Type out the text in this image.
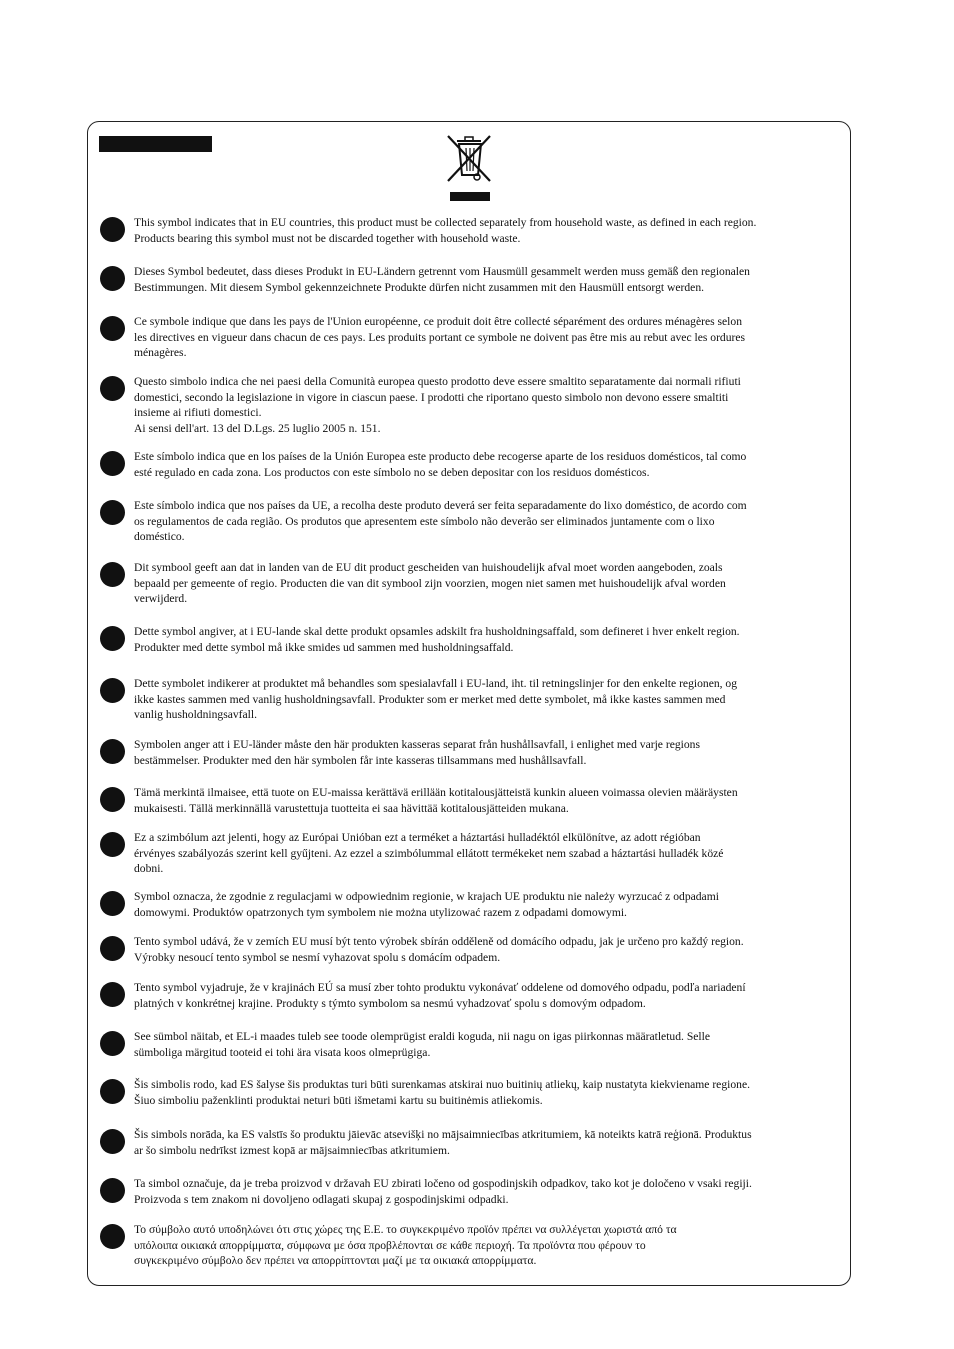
This symbol indicates that in EU countries, this product must be collected separately from household waste, as defined in each region.
Products bearing this symbol must not be discarded together with household waste.
Dieses Symbol bedeutet, dass dieses Produkt in EU-Ländern getrennt vom Hausmüll gesammelt werden muss gemäß den regionalen
Bestimmungen. Mit diesem Symbol gekennzeichnete Produkte dürfen nicht zusammen mit den Hausmüll entsorgt werden.
Ce symbole indique que dans les pays de l'Union européenne, ce produit doit être collecté séparément des ordures ménagères selon
les directives en vigueur dans chacun de ces pays. Les produits portant ce symbole ne doivent pas être mis au rebut avec les ordures
ménagères.
Questo simbolo indica che nei paesi della Comunità europea questo prodotto deve essere smaltito separatamente dai normali rifiuti
domestici, secondo la legislazione in vigore in ciascun paese. I prodotti che riportano questo simbolo non devono essere smaltiti
insieme ai rifiuti domestici.
Ai sensi dell'art. 13 del D.Lgs. 25 luglio 2005 n. 151.
Este símbolo indica que en los países de la Unión Europea este producto debe recogerse aparte de los residuos domésticos, tal como
esté regulado en cada zona. Los productos con este símbolo no se deben depositar con los residuos domésticos.
Este símbolo indica que nos países da UE, a recolha deste produto deverá ser feita separadamente do lixo doméstico, de acordo com
os regulamentos de cada região. Os produtos que apresentem este símbolo não deverão ser eliminados juntamente com o lixo
doméstico.
Dit symbool geeft aan dat in landen van de EU dit product gescheiden van huishoudelijk afval moet worden aangeboden, zoals
bepaald per gemeente of regio. Producten die van dit symbool zijn voorzien, mogen niet samen met huishoudelijk afval worden
verwijderd.
Dette symbol angiver, at i EU-lande skal dette produkt opsamles adskilt fra husholdningsaffald, som defineret i hver enkelt region.
Produkter med dette symbol må ikke smides ud sammen med husholdningsaffald.
Dette symbolet indikerer at produktet må behandles som spesialavfall i EU-land, iht. til retningslinjer for den enkelte regionen, og
ikke kastes sammen med vanlig husholdningsavfall. Produkter som er merket med dette symbolet, må ikke kastes sammen med
vanlig husholdningsavfall.
Symbolen anger att i EU-länder måste den här produkten kasseras separat från hushållsavfall, i enlighet med varje regions
bestämmelser. Produkter med den här symbolen får inte kasseras tillsammans med hushållsavfall.
Tämä merkintä ilmaisee, että tuote on EU-maissa kerättävä erillään kotitalousjätteistä kunkin alueen voimassa olevien määräysten
mukaisesti. Tällä merkinnällä varustettuja tuotteita ei saa hävittää kotitalousjätteiden mukana.
Ez a szimbólum azt jelenti, hogy az Európai Unióban ezt a terméket a háztartási hulladéktól elkülönítve, az adott régióban
érvényes szabályozás szerint kell gyűjteni. Az ezzel a szimbólummal ellátott termékeket nem szabad a háztartási hulladék közé
dobni.
Symbol oznacza, że zgodnie z regulacjami w odpowiednim regionie, w krajach UE produktu nie należy wyrzucać z odpadami
domowymi. Produktów opatrzonych tym symbolem nie można utylizować razem z odpadami domowymi.
Tento symbol udává, že v zemích EU musí být tento výrobek sbírán odděleně od domácího odpadu, jak je určeno pro každý region.
Výrobky nesoucí tento symbol se nesmí vyhazovat spolu s domácím odpadem.
Tento symbol vyjadruje, že v krajinách EÚ sa musí zber tohto produktu vykonávať oddelene od domového odpadu, podľa nariadení
platných v konkrétnej krajine. Produkty s týmto symbolom sa nesmú vyhadzovať spolu s domovým odpadom.
See sümbol näitab, et EL-i maades tuleb see toode olemprügist eraldi koguda, nii nagu on igas piirkonnas määratletud. Selle
sümboliga märgitud tooteid ei tohi ära visata koos olmeprügiga.
Šis simbolis rodo, kad ES šalyse šis produktas turi būti surenkamas atskirai nuo buitinių atliekų, kaip nustatyta kiekviename regione.
Šiuo simboliu paženklinti produktai neturi būti išmetami kartu su buitinėmis atliekomis.
Šis simbols norāda, ka ES valstīs šo produktu jāievāc atsevišķi no mājsaimniecības atkritumiem, kā noteikts katrā reģionā. Produktus
ar šo simbolu nedrīkst izmest kopā ar mājsaimniecības atkritumiem.
Ta simbol označuje, da je treba proizvod v državah EU zbirati ločeno od gospodinjskih odpadkov, tako kot je določeno v vsaki regiji.
Proizvoda s tem znakom ni dovoljeno odlagati skupaj z gospodinjskimi odpadki.
Το σύμβολο αυτό υποδηλώνει ότι στις χώρες της Ε.Ε. το συγκεκριμένο προϊόν πρέπει να συλλέγεται χωριστά από τα
υπόλοιπα οικιακά απορρίμματα, σύμφωνα με όσα προβλέπονται σε κάθε περιοχή. Τα προϊόντα που φέρουν το
συγκεκριμένο σύμβολο δεν πρέπει να απορρίπτονται μαζί με τα οικιακά απορρίμματα.
